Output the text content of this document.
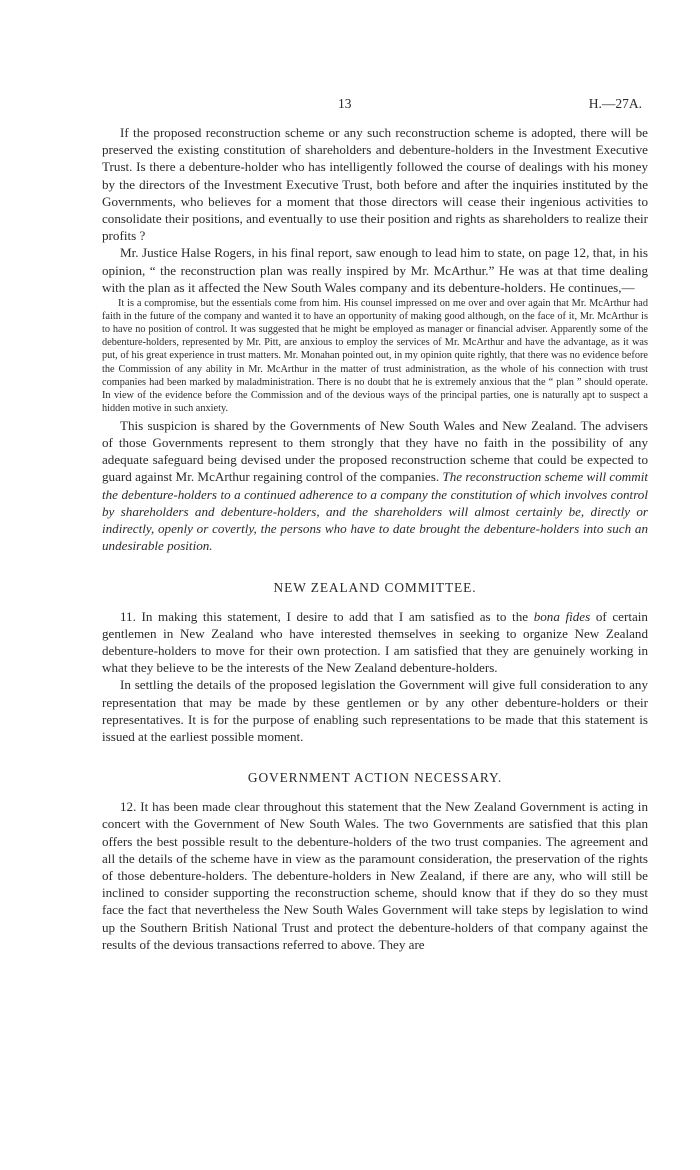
13	H.—27A.

If the proposed reconstruction scheme or any such reconstruction scheme is adopted, there will be preserved the existing constitution of shareholders and debenture-holders in the Investment Executive Trust. Is there a debenture-holder who has intelligently followed the course of dealings with his money by the directors of the Investment Executive Trust, both before and after the inquiries instituted by the Governments, who believes for a moment that those directors will cease their ingenious activities to consolidate their positions, and eventually to use their position and rights as shareholders to realize their profits ?

Mr. Justice Halse Rogers, in his final report, saw enough to lead him to state, on page 12, that, in his opinion, “ the reconstruction plan was really inspired by Mr. McArthur.” He was at that time dealing with the plan as it affected the New South Wales company and its debenture-holders. He continues,—

It is a compromise, but the essentials come from him. His counsel impressed on me over and over again that Mr. McArthur had faith in the future of the company and wanted it to have an opportunity of making good although, on the face of it, Mr. McArthur is to have no position of control. It was suggested that he might be employed as manager or financial adviser. Apparently some of the debenture-holders, represented by Mr. Pitt, are anxious to employ the services of Mr. McArthur and have the advantage, as it was put, of his great experience in trust matters. Mr. Monahan pointed out, in my opinion quite rightly, that there was no evidence before the Commission of any ability in Mr. McArthur in the matter of trust administration, as the whole of his connection with trust companies had been marked by maladministration. There is no doubt that he is extremely anxious that the “ plan ” should operate. In view of the evidence before the Commission and of the devious ways of the principal parties, one is naturally apt to suspect a hidden motive in such anxiety.

This suspicion is shared by the Governments of New South Wales and New Zealand. The advisers of those Governments represent to them strongly that they have no faith in the possibility of any adequate safeguard being devised under the proposed reconstruction scheme that could be expected to guard against Mr. McArthur regaining control of the companies. The reconstruction scheme will commit the debenture-holders to a continued adherence to a company the constitution of which involves control by shareholders and debenture-holders, and the shareholders will almost certainly be, directly or indirectly, openly or covertly, the persons who have to date brought the debenture-holders into such an undesirable position.

NEW ZEALAND COMMITTEE.

11. In making this statement, I desire to add that I am satisfied as to the bona fides of certain gentlemen in New Zealand who have interested themselves in seeking to organize New Zealand debenture-holders to move for their own protection. I am satisfied that they are genuinely working in what they believe to be the interests of the New Zealand debenture-holders.

In settling the details of the proposed legislation the Government will give full consideration to any representation that may be made by these gentlemen or by any other debenture-holders or their representatives. It is for the purpose of enabling such representations to be made that this statement is issued at the earliest possible moment.

GOVERNMENT ACTION NECESSARY.

12. It has been made clear throughout this statement that the New Zealand Government is acting in concert with the Government of New South Wales. The two Governments are satisfied that this plan offers the best possible result to the debenture-holders of the two trust companies. The agreement and all the details of the scheme have in view as the paramount consideration, the preservation of the rights of those debenture-holders. The debenture-holders in New Zealand, if there are any, who will still be inclined to consider supporting the reconstruction scheme, should know that if they do so they must face the fact that nevertheless the New South Wales Government will take steps by legislation to wind up the Southern British National Trust and protect the debenture-holders of that company against the results of the devious transactions referred to above. They are
